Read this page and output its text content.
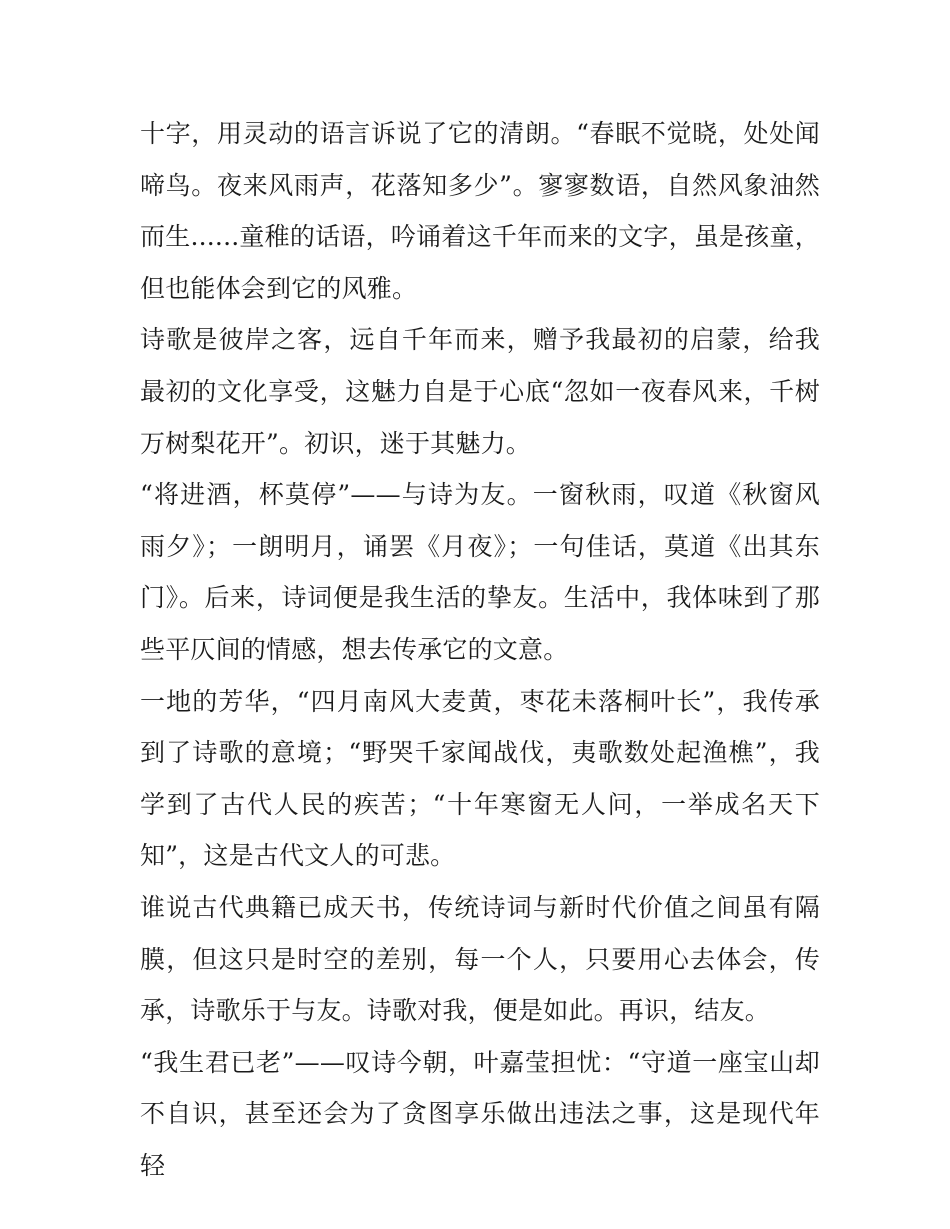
十字，用灵动的语言诉说了它的清朗。“春眠不觉晓，处处闻啼鸟。夜来风雨声，花落知多少”。寥寥数语，自然风象油然而生......童稚的话语，吟诵着这千年而来的文字，虽是孩童，但也能体会到它的风雅。

诗歌是彼岸之客，远自千年而来，赠予我最初的启蒙，给我最初的文化享受，这魅力自是于心底“忽如一夜春风来，千树万树梨花开”。初识，迷于其魅力。

“将进酒，杯莫停”——与诗为友。一窗秋雨，叹道《秋窗风雨夕》；一朗明月，诵罢《月夜》；一句佳话，莫道《出其东门》。后来，诗词便是我生活的挚友。生活中，我体味到了那些平仄间的情感，想去传承它的文意。

一地的芳华，“四月南风大麦黄，枣花未落桐叶长”，我传承到了诗歌的意境；“野哭千家闻战伐，夷歌数处起渔樵”，我学到了古代人民的疾苦；“十年寒窗无人问，一举成名天下知”，这是古代文人的可悲。

谁说古代典籍已成天书，传统诗词与新时代价值之间虽有隔膜，但这只是时空的差别，每一个人，只要用心去体会，传承，诗歌乐于与友。诗歌对我，便是如此。再识，结友。

“我生君已老”——叹诗今朝，叶嘉莹担忧：“守道一座宝山却不自识，甚至还会为了贪图享乐做出违法之事，这是现代年轻
